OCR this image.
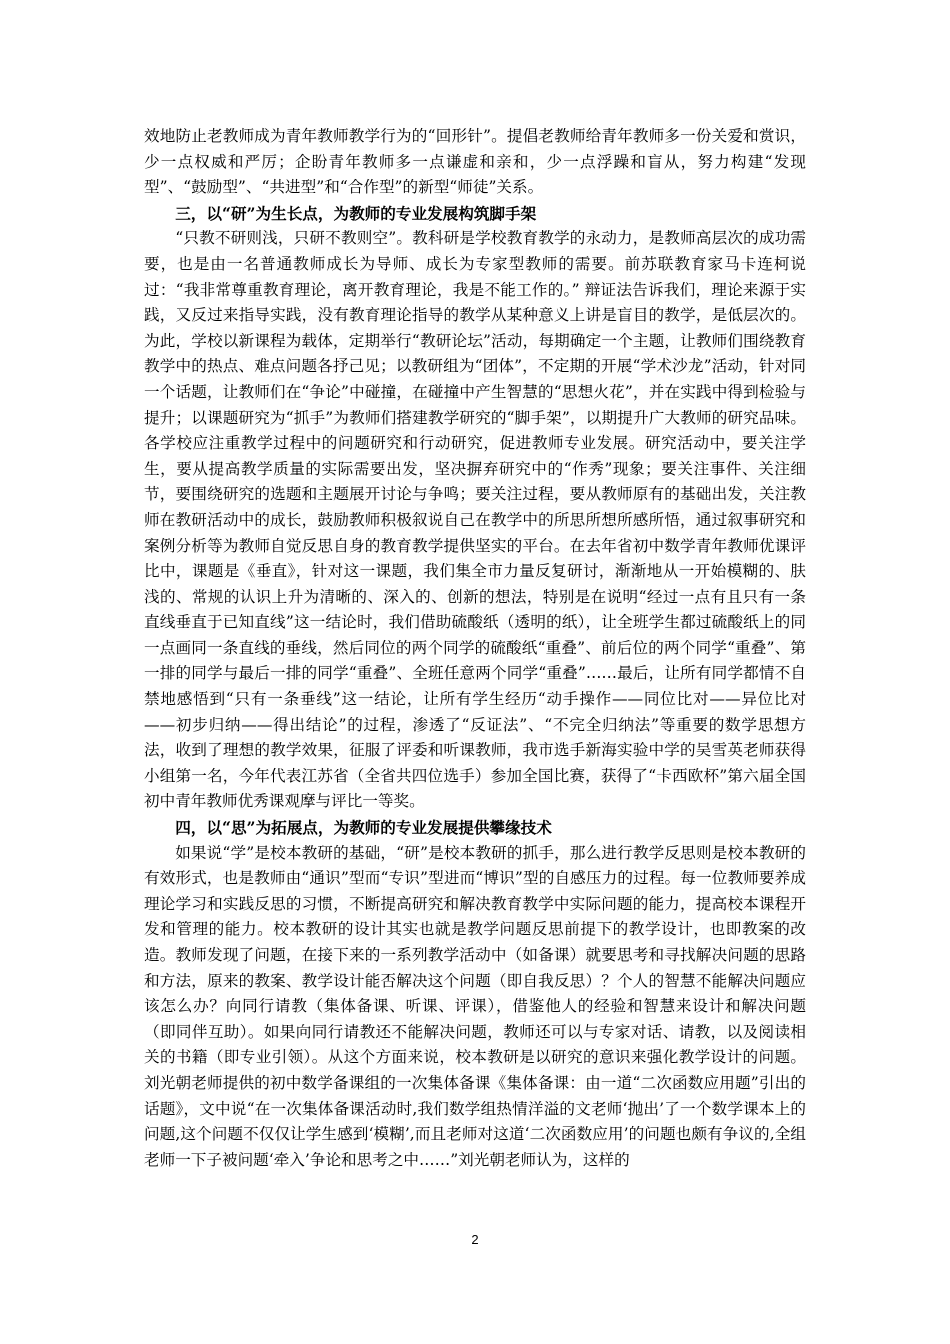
效地防止老教师成为青年教师教学行为的“回形针”。提倡老教师给青年教师多一份关爱和赏识，少一点权威和严厉；企盼青年教师多一点谦虚和亲和，少一点浮躁和盲从，努力构建“发现型”、“鼓励型”、“共进型”和“合作型”的新型“师徒”关系。

三，以“研”为生长点，为教师的专业发展构筑脚手架

“只教不研则浅，只研不教则空”。教科研是学校教育教学的永动力，是教师高层次的成功需要，也是由一名普通教师成长为导师、成长为专家型教师的需要。前苏联教育家马卡连柯说过：“我非常尊重教育理论，离开教育理论，我是不能工作的。” 辩证法告诉我们，理论来源于实践，又反过来指导实践，没有教育理论指导的教学从某种意义上讲是盲目的教学，是低层次的。为此，学校以新课程为载体，定期举行“教研论坛”活动，每期确定一个主题，让教师们围绕教育教学中的热点、难点问题各抒己见；以教研组为“团体”，不定期的开展“学术沙龙”活动，针对同一个话题，让教师们在“争论”中碰撞，在碰撞中产生智慧的“思想火花”，并在实践中得到检验与提升；以课题研究为“抓手”为教师们搭建教学研究的“脚手架”，以期提升广大教师的研究品味。各学校应注重教学过程中的问题研究和行动研究，促进教师专业发展。研究活动中，要关注学生，要从提高教学质量的实际需要出发，坚决摒弃研究中的“作秀”现象；要关注事件、关注细节，要围绕研究的选题和主题展开讨论与争鸣；要关注过程，要从教师原有的基础出发，关注教师在教研活动中的成长，鼓励教师积极叙说自己在教学中的所思所想所感所悟，通过叙事研究和案例分析等为教师自觉反思自身的教育教学提供坚实的平台。在去年省初中数学青年教师优课评比中，课题是《垂直》，针对这一课题，我们集全市力量反复研讨，渐渐地从一开始模糊的、肤浅的、常规的认识上升为清晰的、深入的、创新的想法，特别是在说明“经过一点有且只有一条直线垂直于已知直线”这一结论时，我们借助硫酸纸（透明的纸），让全班学生都过硫酸纸上的同一点画同一条直线的垂线，然后同位的两个同学的硫酸纸“重叠”、前后位的两个同学“重叠”、第一排的同学与最后一排的同学“重叠”、全班任意两个同学“重叠”……最后，让所有同学都情不自禁地感悟到“只有一条垂线”这一结论，让所有学生经历“动手操作——同位比对——异位比对——初步归纳——得出结论”的过程，渗透了“反证法”、“不完全归纳法”等重要的数学思想方法，收到了理想的教学效果，征服了评委和听课教师，我市选手新海实验中学的吴雪英老师获得小组第一名，今年代表江苏省（全省共四位选手）参加全国比赛，获得了“卡西欧杯”第六届全国初中青年教师优秀课观摩与评比一等奖。

四，以“思”为拓展点，为教师的专业发展提供攀缘技术

如果说“学”是校本教研的基础，“研”是校本教研的抓手，那么进行教学反思则是校本教研的有效形式，也是教师由“通识”型而“专识”型进而“博识”型的自感压力的过程。每一位教师要养成理论学习和实践反思的习惯，不断提高研究和解决教育教学中实际问题的能力，提高校本课程开发和管理的能力。校本教研的设计其实也就是教学问题反思前提下的教学设计，也即教案的改造。教师发现了问题，在接下来的一系列教学活动中（如备课）就要思考和寻找解决问题的思路和方法，原来的教案、教学设计能否解决这个问题（即自我反思）？个人的智慧不能解决问题应该怎么办？向同行请教（集体备课、听课、评课），借鉴他人的经验和智慧来设计和解决问题（即同伴互助）。如果向同行请教还不能解决问题，教师还可以与专家对话、请教，以及阅读相关的书籍（即专业引领）。从这个方面来说，校本教研是以研究的意识来强化教学设计的问题。刘光朝老师提供的初中数学备课组的一次集体备课《集体备课：由一道“二次函数应用题”引出的话题》，文中说“在一次集体备课活动时,我们数学组热情洋溢的文老师‘抛出’了一个数学课本上的问题,这个问题不仅仅让学生感到‘模糊’,而且老师对这道‘二次函数应用’的问题也颇有争议的,全组老师一下子被问题‘牵入’争论和思考之中……”刘光朝老师认为，这样的

2
